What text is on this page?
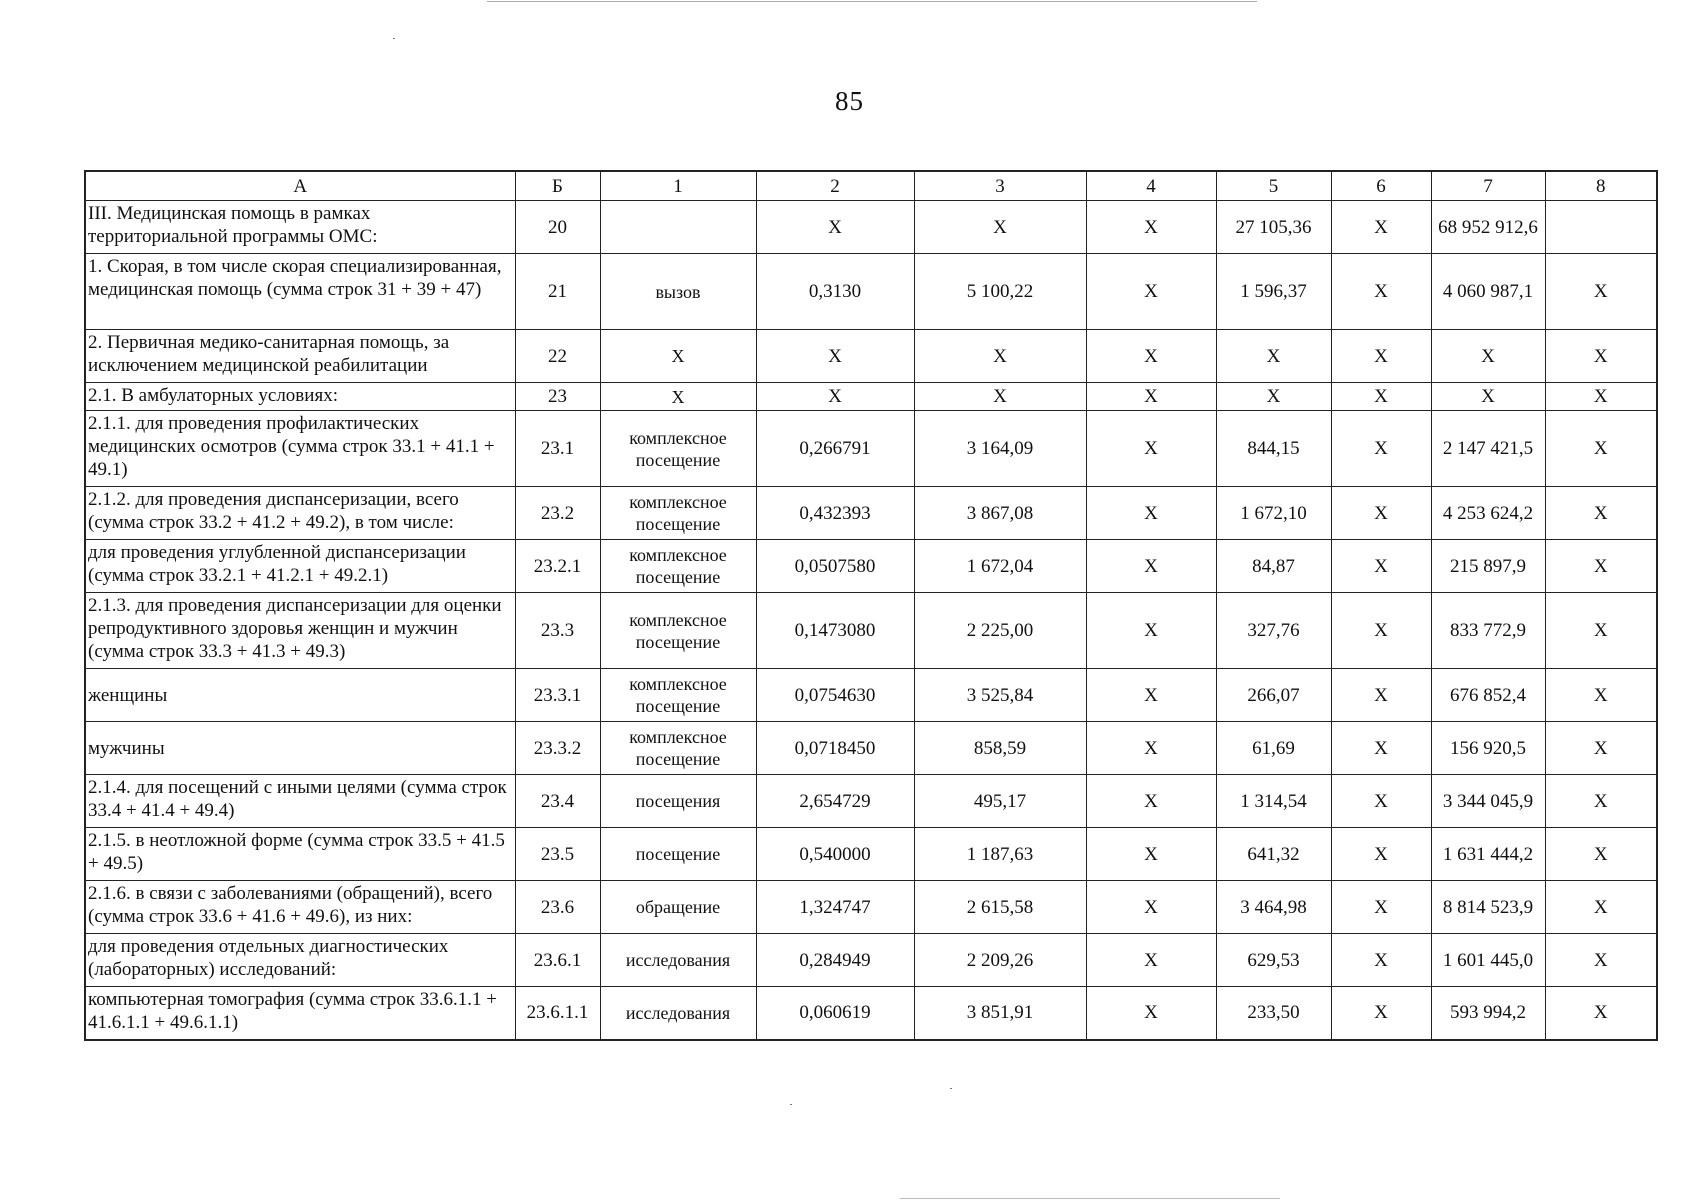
85
А	Б	1	2	3	4	5	6	7	8
III. Медицинская помощь в рамках территориальной программы ОМС:	20		Х	Х	Х	27 105,36	Х	68 952 912,6	
1. Скорая, в том числе скорая специализированная, медицинская помощь (сумма строк 31 + 39 + 47)	21	вызов	0,3130	5 100,22	Х	1 596,37	Х	4 060 987,1	Х
2. Первичная медико-санитарная помощь, за исключением медицинской реабилитации	22	Х	Х	Х	Х	Х	Х	Х	Х
2.1. В амбулаторных условиях:	23	Х	Х	Х	Х	Х	Х	Х	Х
2.1.1. для проведения профилактических медицинских осмотров (сумма строк 33.1 + 41.1 + 49.1)	23.1	комплексное посещение	0,266791	3 164,09	Х	844,15	Х	2 147 421,5	Х
2.1.2. для проведения диспансеризации, всего (сумма строк 33.2 + 41.2 + 49.2), в том числе:	23.2	комплексное посещение	0,432393	3 867,08	Х	1 672,10	Х	4 253 624,2	Х
для проведения углубленной диспансеризации (сумма строк 33.2.1 + 41.2.1 + 49.2.1)	23.2.1	комплексное посещение	0,0507580	1 672,04	Х	84,87	Х	215 897,9	Х
2.1.3. для проведения диспансеризации для оценки репродуктивного здоровья женщин и мужчин (сумма строк 33.3 + 41.3 + 49.3)	23.3	комплексное посещение	0,1473080	2 225,00	Х	327,76	Х	833 772,9	Х
женщины	23.3.1	комплексное посещение	0,0754630	3 525,84	Х	266,07	Х	676 852,4	Х
мужчины	23.3.2	комплексное посещение	0,0718450	858,59	Х	61,69	Х	156 920,5	Х
2.1.4. для посещений с иными целями (сумма строк 33.4 + 41.4 + 49.4)	23.4	посещения	2,654729	495,17	Х	1 314,54	Х	3 344 045,9	Х
2.1.5. в неотложной форме (сумма строк 33.5 + 41.5 + 49.5)	23.5	посещение	0,540000	1 187,63	Х	641,32	Х	1 631 444,2	Х
2.1.6. в связи с заболеваниями (обращений), всего (сумма строк 33.6 + 41.6 + 49.6), из них:	23.6	обращение	1,324747	2 615,58	Х	3 464,98	Х	8 814 523,9	Х
для проведения отдельных диагностических (лабораторных) исследований:	23.6.1	исследования	0,284949	2 209,26	Х	629,53	Х	1 601 445,0	Х
компьютерная томография (сумма строк 33.6.1.1 + 41.6.1.1 + 49.6.1.1)	23.6.1.1	исследования	0,060619	3 851,91	Х	233,50	Х	593 994,2	Х
